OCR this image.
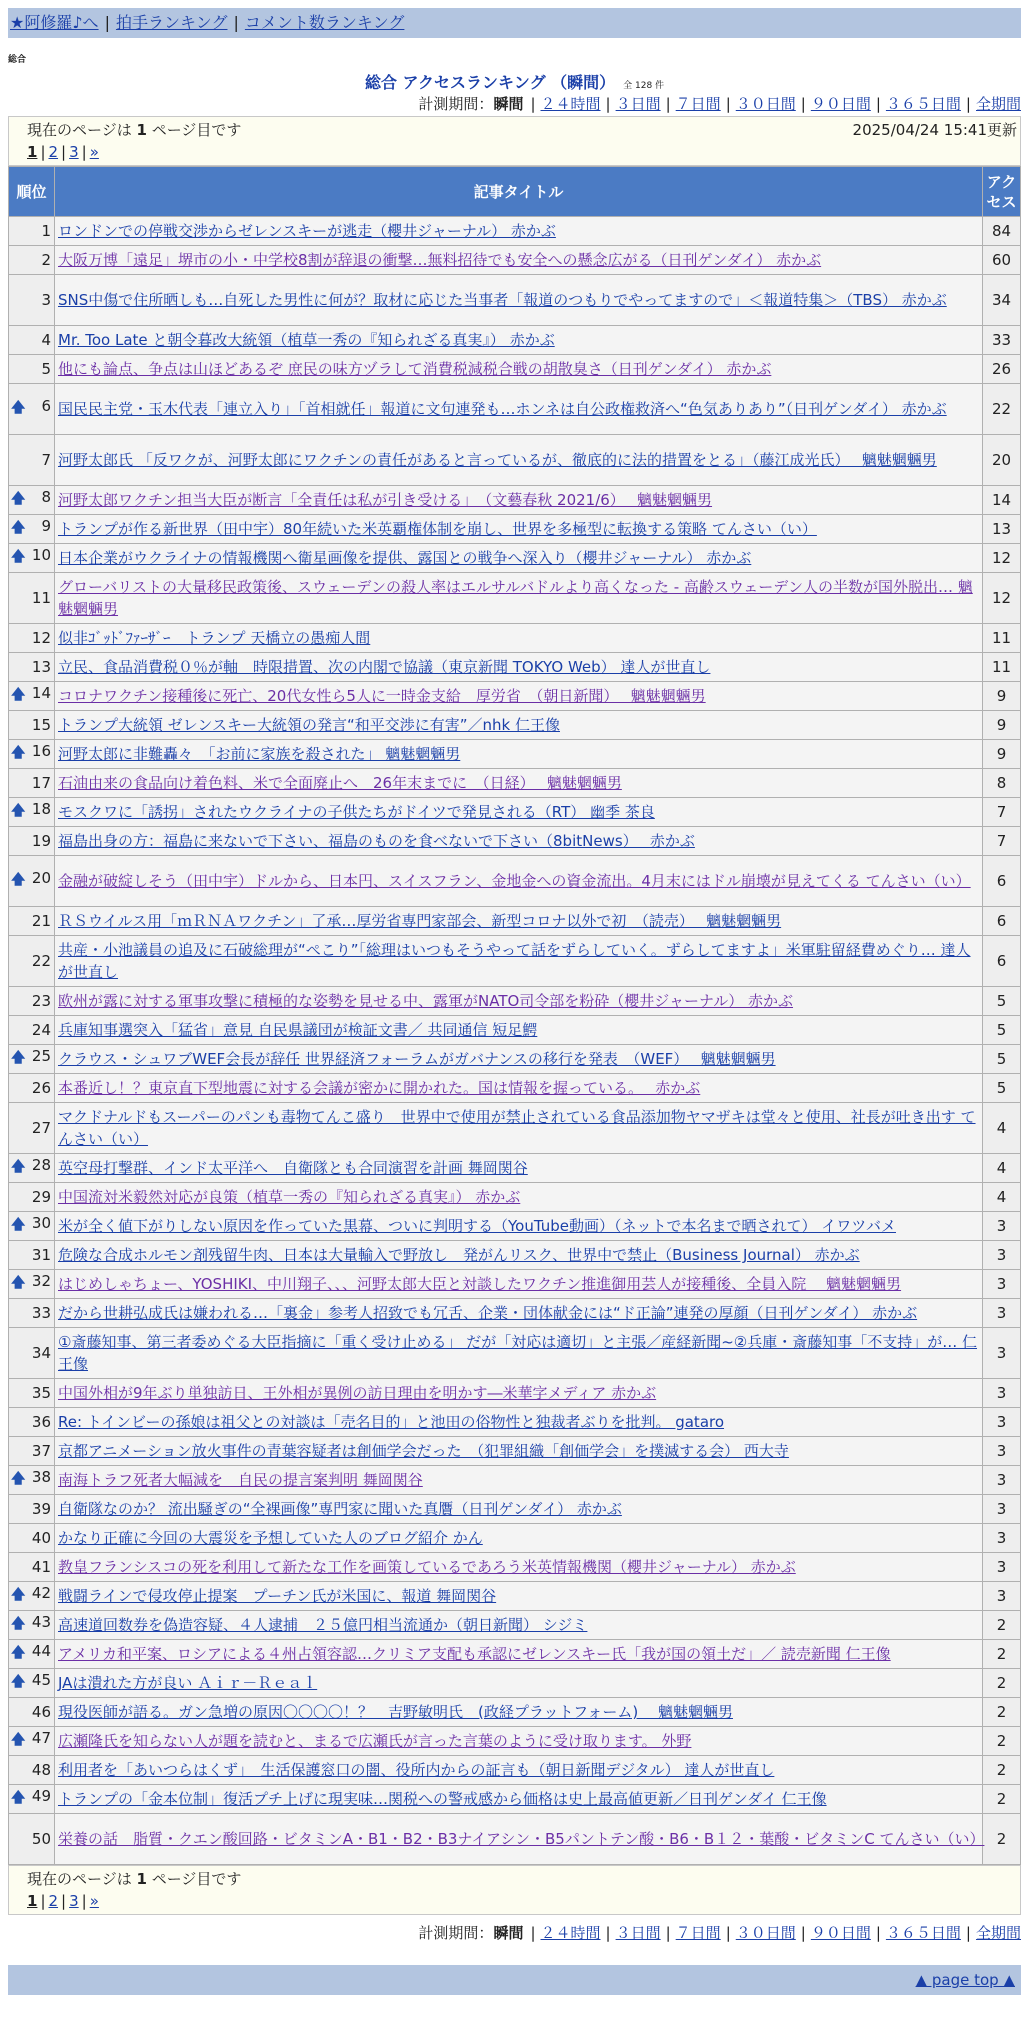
★阿修羅♪へ | 拍手ランキング | コメント数ランキング
総合
総合 アクセスランキング （瞬間） 全 128 件
計測期間：瞬間 | ２４時間 | ３日間 | ７日間 | ３０日間 | ９０日間 | ３６５日間 | 全期間
現在のページは 1 ページ目です	2025/04/24 15:41更新
1 | 2 | 3 | »
順位	記事タイトル	アクセス
1	ロンドンでの停戦交渉からゼレンスキーが逃走（櫻井ジャーナル） 赤かぶ	84
2	大阪万博「遠足」堺市の小・中学校8割が辞退の衝撃…無料招待でも安全への懸念広がる（日刊ゲンダイ） 赤かぶ	60
3	SNS中傷で住所晒しも…自死した男性に何が？取材に応じた当事者「報道のつもりでやってますので」＜報道特集＞（TBS） 赤かぶ	34
4	Mr. Too Late と朝令暮改大統領（植草一秀の『知られざる真実』） 赤かぶ	33
5	他にも論点、争点は山ほどあるぞ 庶民の味方ヅラして消費税減税合戦の胡散臭さ（日刊ゲンダイ） 赤かぶ	26

🡅 6	国民民主党・玉木代表「連立入り」「首相就任」報道に文句連発も…ホンネは自公政権救済へ“色気ありあり”（日刊ゲンダイ） 赤かぶ	22
7	河野太郎氏 「反ワクが、河野太郎にワクチンの責任があると言っているが、徹底的に法的措置をとる」（藤江成光氏）　 魑魅魍魎男	20

🡅 8	河野太郎ワクチン担当大臣が断言「全責任は私が引き受ける」　（文藝春秋 2021/6）　 魑魅魍魎男	14

🡅 9	トランプが作る新世界（田中宇）80年続いた米英覇権体制を崩し、世界を多極型に転換する策略 てんさい（い）	13

🡅 10	日本企業がウクライナの情報機関へ衛星画像を提供、露国との戦争へ深入り（櫻井ジャーナル） 赤かぶ	12
11	グローバリストの大量移民政策後、スウェーデンの殺人率はエルサルバドルより高くなった - 高齢スウェーデン人の半数が国外脱出… 魑魅魍魎男	12
12	似非ｺﾞｯﾄﾞﾌｧｰｻﾞｰ　トランプ 天橋立の愚痴人間	11
13	立民、食品消費税０％が軸　時限措置、次の内閣で協議（東京新聞 TOKYO Web） 達人が世直し	11

🡅 14	コロナワクチン接種後に死亡、20代女性ら5人に一時金支給　厚労省　（朝日新聞）　 魑魅魍魎男	9
15	トランプ大統領 ゼレンスキー大統領の発言“和平交渉に有害”／nhk 仁王像	9

🡅 16	河野太郎に非難轟々　「お前に家族を殺された」 魑魅魍魎男	9
17	石油由来の食品向け着色料、米で全面廃止へ　26年末までに　（日経）　 魑魅魍魎男	8

🡅 18	モスクワに「誘拐」されたウクライナの子供たちがドイツで発見される（RT） 幽季 茶良	7
19	福島出身の方：福島に来ないで下さい、福島のものを食べないで下さい（8bitNews）　 赤かぶ	7

🡅 20	金融が破綻しそう（田中宇）ドルから、日本円、スイスフラン、金地金への資金流出。4月末にはドル崩壊が見えてくる てんさい（い）	6
21	ＲＳウイルス用「ｍＲＮＡワクチン」了承…厚労省専門家部会、新型コロナ以外で初　（読売）　 魑魅魍魎男	6
22	共産・小池議員の追及に石破総理が“ぺこり”「総理はいつもそうやって話をずらしていく。ずらしてますよ」米軍駐留経費めぐり… 達人が世直し	6
23	欧州が露に対する軍事攻撃に積極的な姿勢を見せる中、露軍がNATO司令部を粉砕（櫻井ジャーナル） 赤かぶ	5
24	兵庫知事選突入「猛省」意見 自民県議団が検証文書／ 共同通信 短足鰐	5

🡅 25	クラウス・シュワブWEF会長が辞任 世界経済フォーラムがガバナンスの移行を発表　（WEF）　 魑魅魍魎男	5
26	本番近し！？東京直下型地震に対する会議が密かに開かれた。国は情報を握っている。　 赤かぶ	5
27	マクドナルドもスーパーのパンも毒物てんこ盛り　世界中で使用が禁止されている食品添加物ヤマザキは堂々と使用、社長が吐き出す てんさい（い）	4

🡅 28	英空母打撃群、インド太平洋へ　自衛隊とも合同演習を計画 舞岡関谷	4
29	中国流対米毅然対応が良策（植草一秀の『知られざる真実』） 赤かぶ	4

🡅 30	米が全く値下がりしない原因を作っていた黒幕、ついに判明する（YouTube動画）（ネットで本名まで晒されて） イワツバメ	3
31	危険な合成ホルモン剤残留牛肉、日本は大量輸入で野放し　発がんリスク、世界中で禁止（Business Journal） 赤かぶ	3

🡅 32	はじめしゃちょー、YOSHIKI、中川翔子、、、河野太郎大臣と対談したワクチン推進御用芸人が接種後、全員入院　 魑魅魍魎男	3
33	だから世耕弘成氏は嫌われる…「裏金」参考人招致でも冗舌、企業・団体献金には“ド正論”連発の厚顔（日刊ゲンダイ） 赤かぶ	3
34	①斎藤知事、第三者委めぐる大臣指摘に「重く受け止める」 だが「対応は適切」と主張／産経新聞~②兵庫・斎藤知事「不支持」が… 仁王像	3
35	中国外相が9年ぶり単独訪日、王外相が異例の訪日理由を明かす―米華字メディア 赤かぶ	3
36	Re: トインビーの孫娘は祖父との対談は「売名目的」と池田の俗物性と独裁者ぶりを批判。 gataro	3
37	京都アニメーション放火事件の青葉容疑者は創価学会だった　（犯罪組織「創価学会」を撲滅する会） 西大寺	3

🡅 38	南海トラフ死者大幅減を　自民の提言案判明 舞岡関谷	3
39	自衛隊なのか？ 流出騒ぎの“全裸画像”専門家に聞いた真贋（日刊ゲンダイ） 赤かぶ	3
40	かなり正確に今回の大震災を予想していた人のブログ紹介 かん	3
41	教皇フランシスコの死を利用して新たな工作を画策しているであろう米英情報機関（櫻井ジャーナル） 赤かぶ	3

🡅 42	戦闘ラインで侵攻停止提案　プーチン氏が米国に、報道 舞岡関谷	3

🡅 43	高速道回数券を偽造容疑、４人逮捕　２５億円相当流通か（朝日新聞） シジミ	2

🡅 44	アメリカ和平案、ロシアによる４州占領容認…クリミア支配も承認にゼレンスキー氏「我が国の領土だ」／ 読売新聞 仁王像	2

🡅 45	JAは潰れた方が良い Ａｉｒ－Ｒｅａｌ	2
46	現役医師が語る。ガン急増の原因〇〇〇〇！？　吉野敏明氏　(政経プラットフォーム)　 魑魅魍魎男	2

🡅 47	広瀬隆氏を知らない人が題を読むと、まるで広瀬氏が言った言葉のように受け取ります。 外野	2
48	利用者を「あいつらはくず」　生活保護窓口の闇、役所内からの証言も（朝日新聞デジタル） 達人が世直し	2

🡅 49	トランプの「金本位制」復活プチ上げに現実味…関税への警戒感から価格は史上最高値更新／日刊ゲンダイ 仁王像	2
50	栄養の話　脂質・クエン酸回路・ビタミンA・B1・B2・B3ナイアシン・B5パントテン酸・B6・B１２・葉酸・ビタミンC てんさい（い）	2
現在のページは 1 ページ目です
1 | 2 | 3 | »
計測期間：瞬間 | ２４時間 | ３日間 | ７日間 | ３０日間 | ９０日間 | ３６５日間 | 全期間
▲ page top ▲
